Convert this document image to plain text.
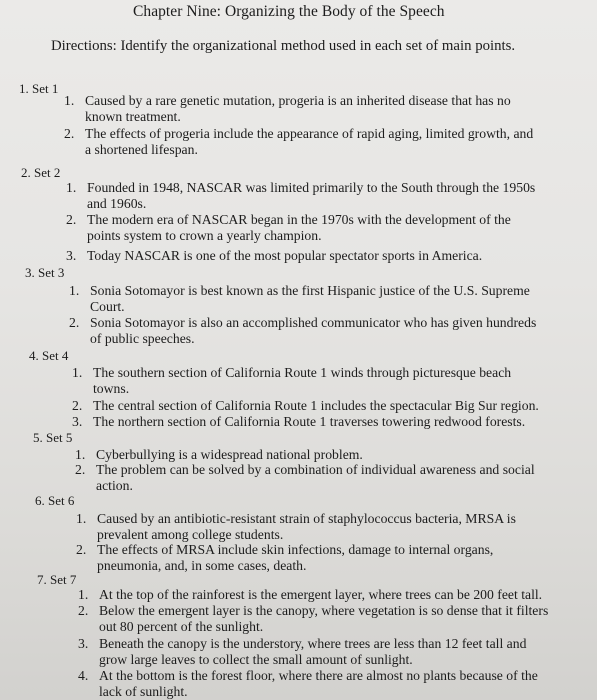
Chapter Nine: Organizing the Body of the Speech
Directions: Identify the organizational method used in each set of main points.
1. Set 1
1. Caused by a rare genetic mutation, progeria is an inherited disease that has no
known treatment.
2. The effects of progeria include the appearance of rapid aging, limited growth, and
a shortened lifespan.
2. Set 2
1. Founded in 1948, NASCAR was limited primarily to the South through the 1950s
and 1960s.
2. The modern era of NASCAR began in the 1970s with the development of the
points system to crown a yearly champion.
3. Today NASCAR is one of the most popular spectator sports in America.
3. Set 3
1. Sonia Sotomayor is best known as the first Hispanic justice of the U.S. Supreme
Court.
2. Sonia Sotomayor is also an accomplished communicator who has given hundreds
of public speeches.
4. Set 4
1. The southern section of California Route 1 winds through picturesque beach
towns.
2. The central section of California Route 1 includes the spectacular Big Sur region.
3. The northern section of California Route 1 traverses towering redwood forests.
5. Set 5
1. Cyberbullying is a widespread national problem.
2. The problem can be solved by a combination of individual awareness and social
action.
6. Set 6
1. Caused by an antibiotic-resistant strain of staphylococcus bacteria, MRSA is
prevalent among college students.
2. The effects of MRSA include skin infections, damage to internal organs,
pneumonia, and, in some cases, death.
7. Set 7
1. At the top of the rainforest is the emergent layer, where trees can be 200 feet tall.
2. Below the emergent layer is the canopy, where vegetation is so dense that it filters
out 80 percent of the sunlight.
3. Beneath the canopy is the understory, where trees are less than 12 feet tall and
grow large leaves to collect the small amount of sunlight.
4. At the bottom is the forest floor, where there are almost no plants because of the
lack of sunlight.
